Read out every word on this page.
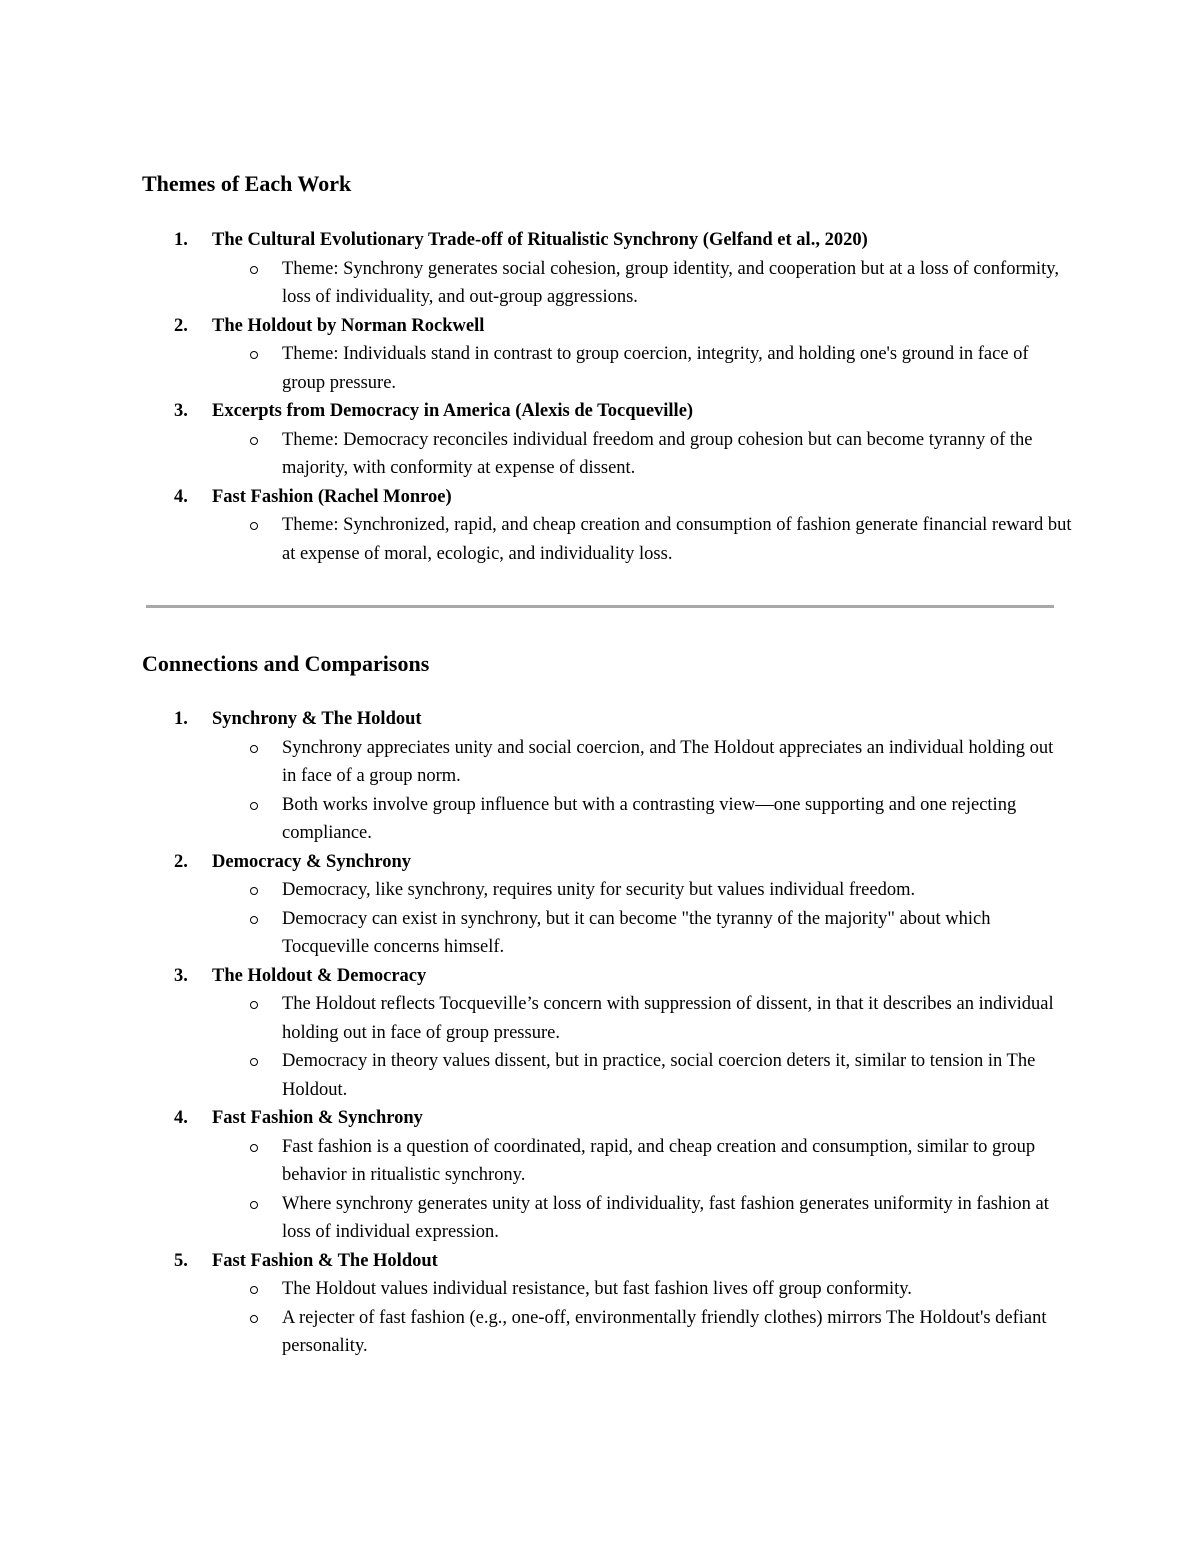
Themes of Each Work
1. The Cultural Evolutionary Trade-off of Ritualistic Synchrony (Gelfand et al., 2020)
Theme: Synchrony generates social cohesion, group identity, and cooperation but at a loss of conformity, loss of individuality, and out-group aggressions.
2. The Holdout by Norman Rockwell
Theme: Individuals stand in contrast to group coercion, integrity, and holding one's ground in face of group pressure.
3. Excerpts from Democracy in America (Alexis de Tocqueville)
Theme: Democracy reconciles individual freedom and group cohesion but can become tyranny of the majority, with conformity at expense of dissent.
4. Fast Fashion (Rachel Monroe)
Theme: Synchronized, rapid, and cheap creation and consumption of fashion generate financial reward but at expense of moral, ecologic, and individuality loss.
Connections and Comparisons
1. Synchrony & The Holdout
Synchrony appreciates unity and social coercion, and The Holdout appreciates an individual holding out in face of a group norm.
Both works involve group influence but with a contrasting view—one supporting and one rejecting compliance.
2. Democracy & Synchrony
Democracy, like synchrony, requires unity for security but values individual freedom.
Democracy can exist in synchrony, but it can become "the tyranny of the majority" about which Tocqueville concerns himself.
3. The Holdout & Democracy
The Holdout reflects Tocqueville’s concern with suppression of dissent, in that it describes an individual holding out in face of group pressure.
Democracy in theory values dissent, but in practice, social coercion deters it, similar to tension in The Holdout.
4. Fast Fashion & Synchrony
Fast fashion is a question of coordinated, rapid, and cheap creation and consumption, similar to group behavior in ritualistic synchrony.
Where synchrony generates unity at loss of individuality, fast fashion generates uniformity in fashion at loss of individual expression.
5. Fast Fashion & The Holdout
The Holdout values individual resistance, but fast fashion lives off group conformity.
A rejecter of fast fashion (e.g., one-off, environmentally friendly clothes) mirrors The Holdout's defiant personality.
